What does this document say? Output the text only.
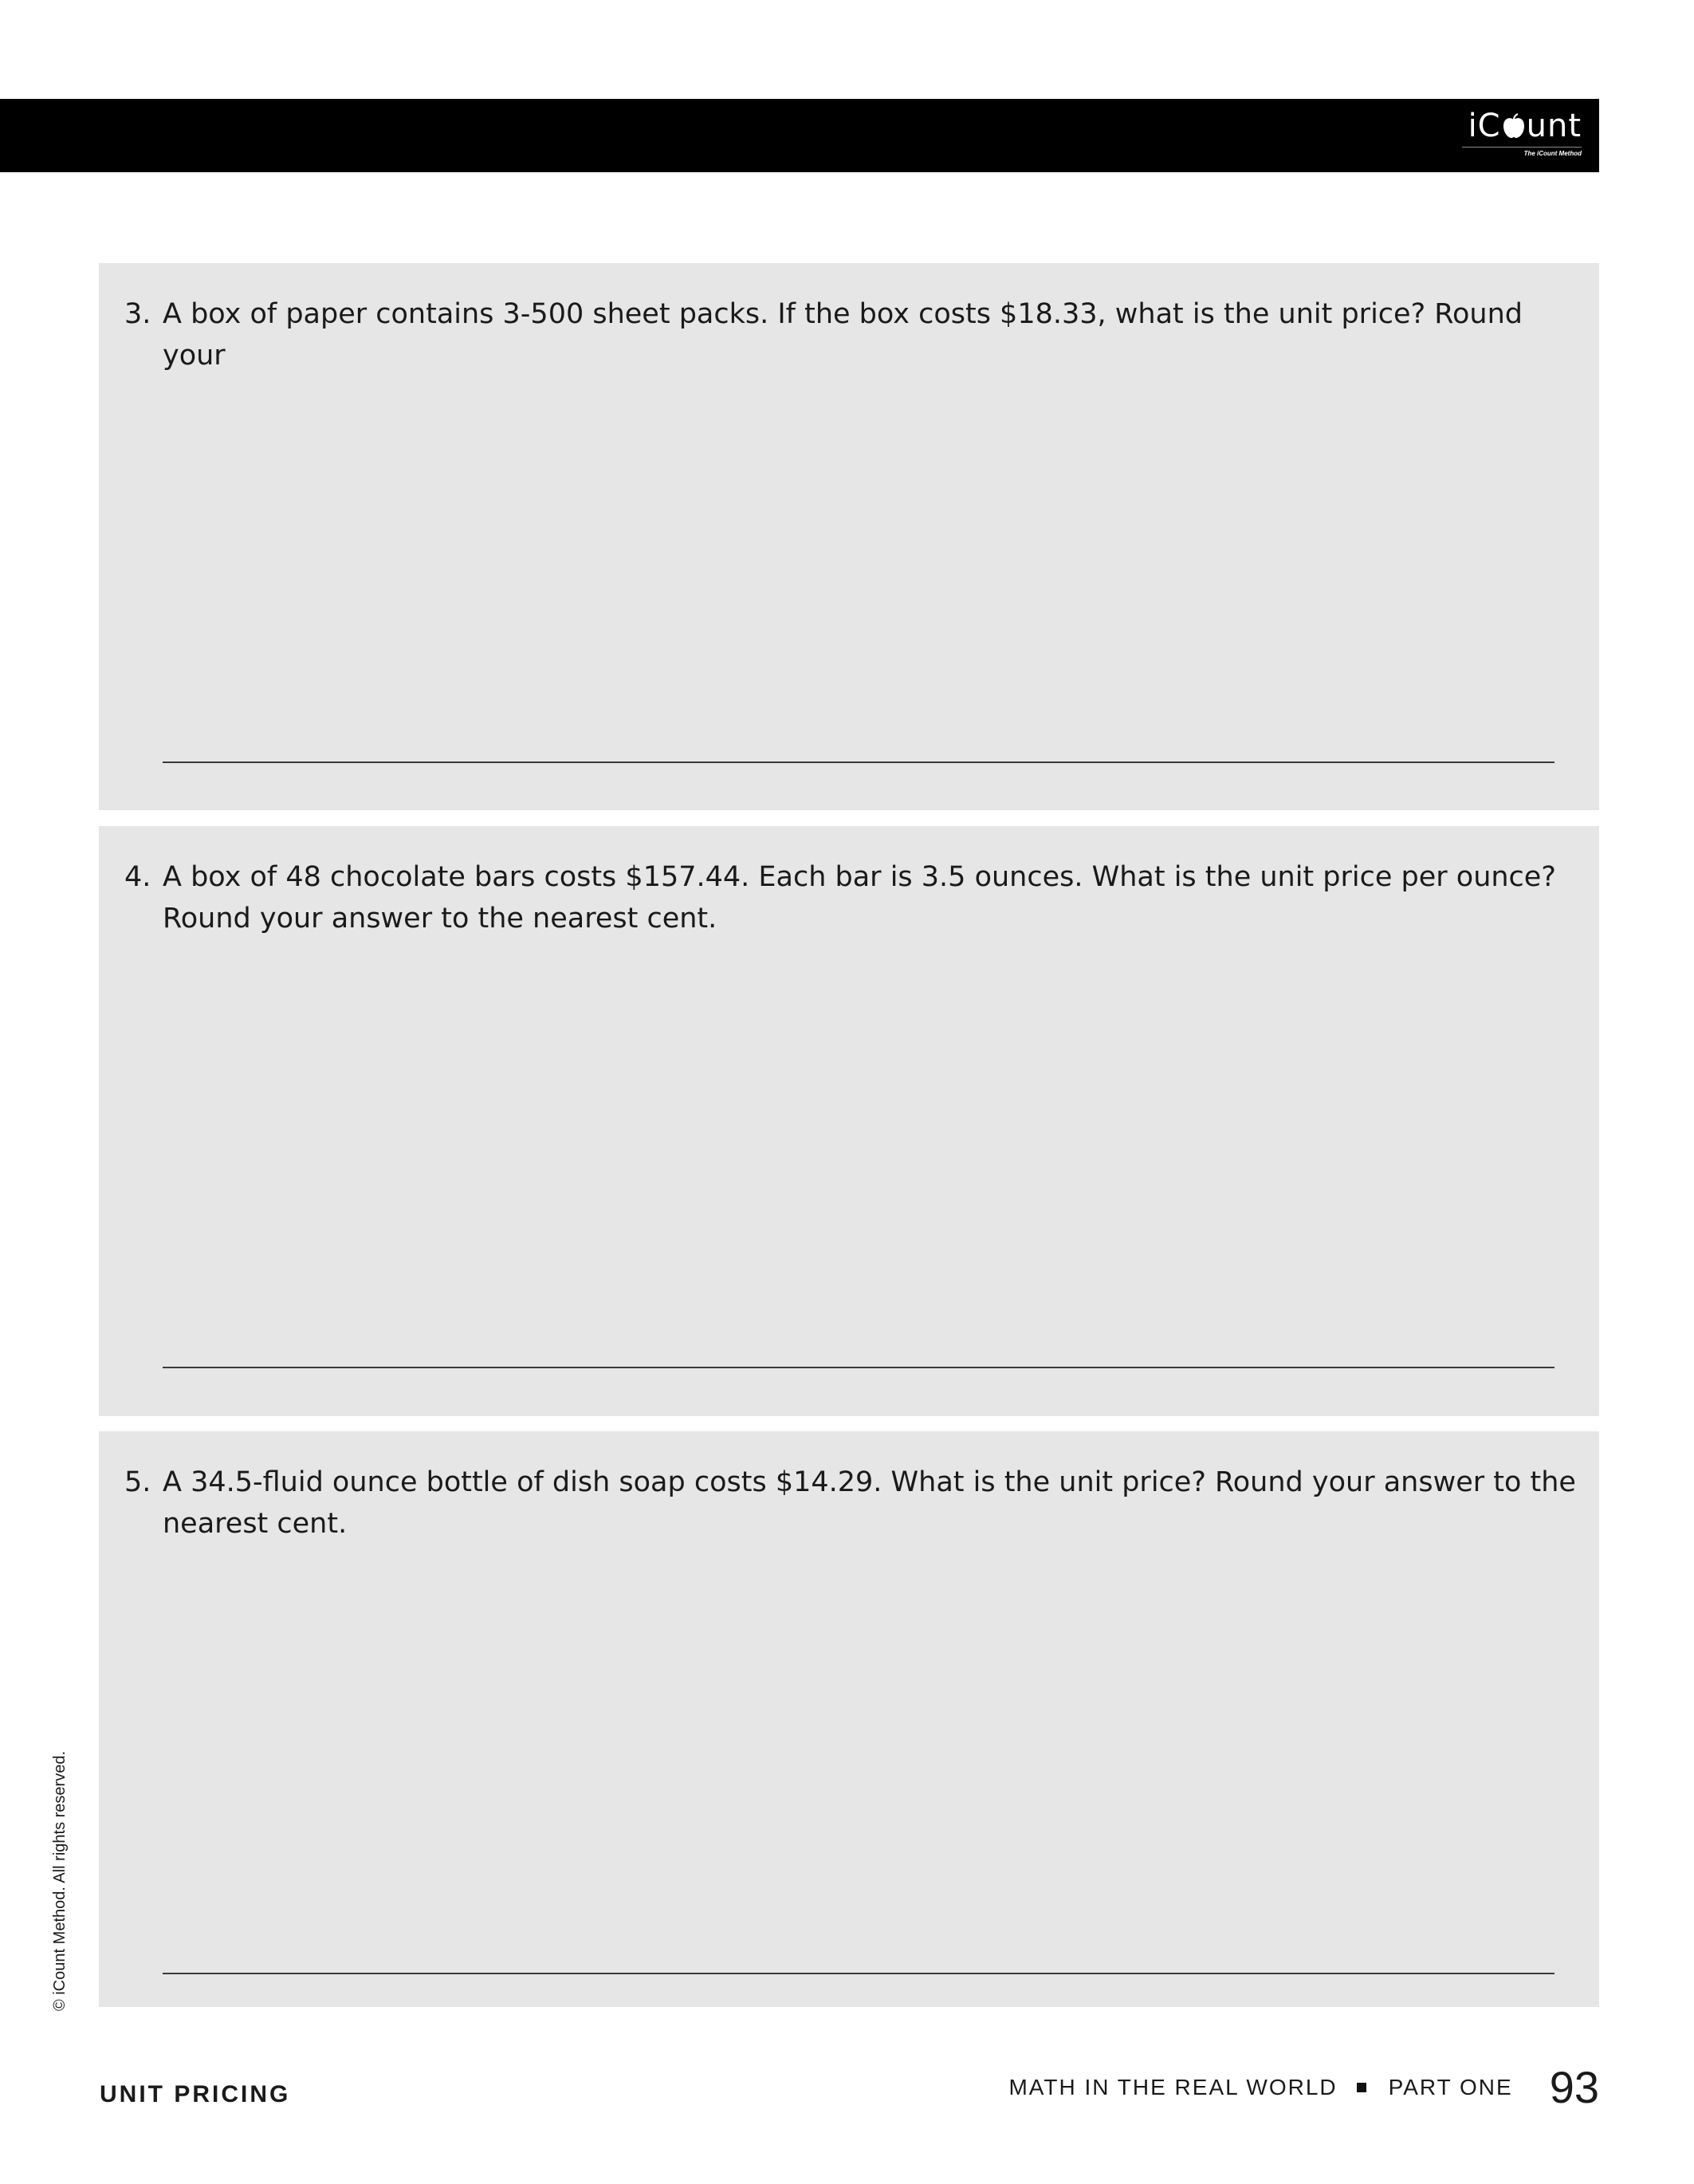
iC unt
The iCount Method
3. A box of paper contains 3-500 sheet packs. If the box costs $18.33, what is the unit price? Round your
4. A box of 48 chocolate bars costs $157.44. Each bar is 3.5 ounces. What is the unit price per ounce? Round your answer to the nearest cent.
5. A 34.5-fluid ounce bottle of dish soap costs $14.29. What is the unit price? Round your answer to the nearest cent.
© iCount Method. All rights reserved.
UNIT PRICING	MATH IN THE REAL WORLD PART ONE 93
